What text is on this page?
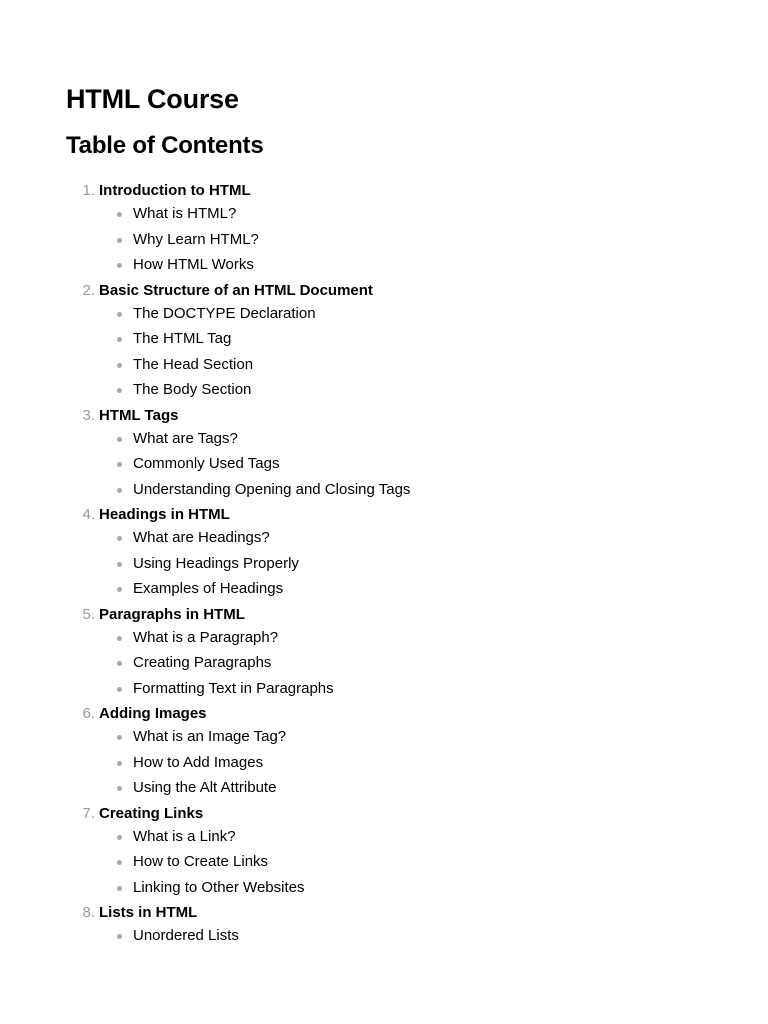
HTML Course
Table of Contents
1. Introduction to HTML
What is HTML?
Why Learn HTML?
How HTML Works
2. Basic Structure of an HTML Document
The DOCTYPE Declaration
The HTML Tag
The Head Section
The Body Section
3. HTML Tags
What are Tags?
Commonly Used Tags
Understanding Opening and Closing Tags
4. Headings in HTML
What are Headings?
Using Headings Properly
Examples of Headings
5. Paragraphs in HTML
What is a Paragraph?
Creating Paragraphs
Formatting Text in Paragraphs
6. Adding Images
What is an Image Tag?
How to Add Images
Using the Alt Attribute
7. Creating Links
What is a Link?
How to Create Links
Linking to Other Websites
8. Lists in HTML
Unordered Lists
